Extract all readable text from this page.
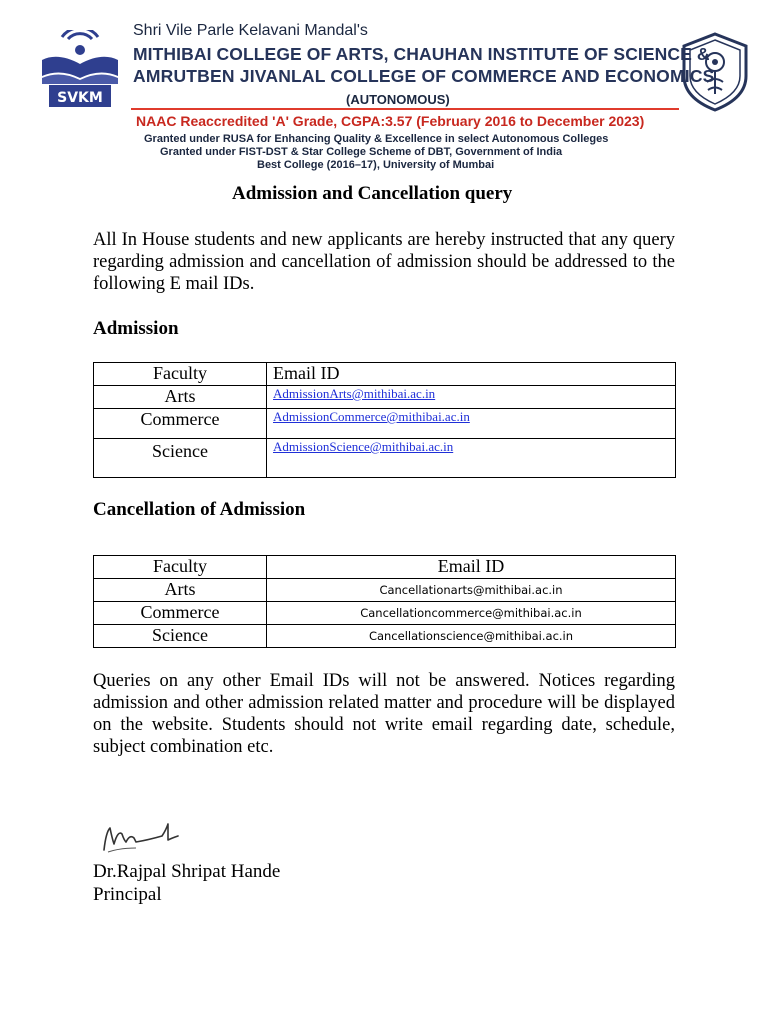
SVKM
Shri Vile Parle Kelavani Mandal's
MITHIBAI COLLEGE OF ARTS, CHAUHAN INSTITUTE OF SCIENCE &
AMRUTBEN JIVANLAL COLLEGE OF COMMERCE AND ECONOMICS
(AUTONOMOUS)
NAAC Reaccredited 'A' Grade, CGPA:3.57 (February 2016 to December 2023)
Granted under RUSA for Enhancing Quality & Excellence in select Autonomous Colleges
Granted under FIST-DST & Star College Scheme of DBT, Government of India
Best College (2016–17), University of Mumbai
Admission and Cancellation query
All In House students and new applicants are hereby instructed that any query regarding admission and cancellation of admission should be addressed to the following E mail IDs.
Admission
Faculty	Email ID
Arts	AdmissionArts@mithibai.ac.in
Commerce	AdmissionCommerce@mithibai.ac.in
Science	AdmissionScience@mithibai.ac.in
Cancellation of Admission
Faculty	Email ID
Arts	Cancellationarts@mithibai.ac.in
Commerce	Cancellationcommerce@mithibai.ac.in
Science	Cancellationscience@mithibai.ac.in
Queries on any other Email IDs will not be answered. Notices regarding admission and other admission related matter and procedure will be displayed on the website. Students should not write email regarding date, schedule, subject combination etc.
Dr.Rajpal Shripat Hande
Principal
